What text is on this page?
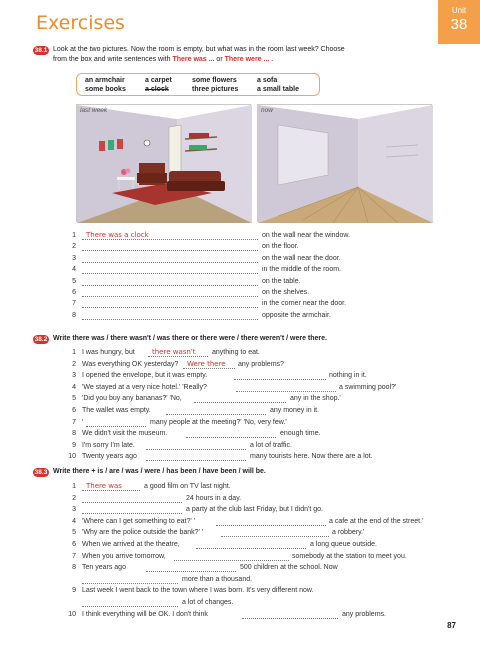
Exercises
Unit
38
38.1 Look at the two pictures. Now the room is empty, but what was in the room last week? Choose
from the box and write sentences with There was ... or There were ... .
an armchair	a carpet	some flowers	a sofa
some books	a clock	three pictures	a small table
last week	now
1 There was a clock	on the wall near the window.
2	on the floor.
3	on the wall near the door.
4	in the middle of the room.
5	on the table.
6	on the shelves.
7	in the corner near the door.
8	opposite the armchair.
38.2 Write there was / there wasn't / was there or there were / there weren't / were there.
1 I was hungry, but there wasn't anything to eat.
2 Was everything OK yesterday? Were there any problems?
3 I opened the envelope, but it was empty.	nothing in it.
4 'We stayed at a very nice hotel.' 'Really?	a swimming pool?'
5 'Did you buy any bananas?' 'No,	any in the shop.'
6 The wallet was empty.	any money in it.
7 '	many people at the meeting?' 'No, very few.'
8 We didn't visit the museum.	enough time.
9 I'm sorry I'm late.	a lot of traffic.
10 Twenty years ago	many tourists here. Now there are a lot.
38.3 Write there + is / are / was / were / has been / have been / will be.
1 There was	a good film on TV last night.
2	24 hours in a day.
3	a party at the club last Friday, but I didn't go.
4 'Where can I get something to eat?' '	a cafe at the end of the street.'
5 'Why are the police outside the bank?' '	a robbery.'
6 When we arrived at the theatre,	a long queue outside.
7 When you arrive tomorrow,	somebody at the station to meet you.
8 Ten years ago	500 children at the school. Now
more than a thousand.
9 Last week I went back to the town where I was born. It's very different now.
a lot of changes.
10 I think everything will be OK. I don't think	any problems.
87
